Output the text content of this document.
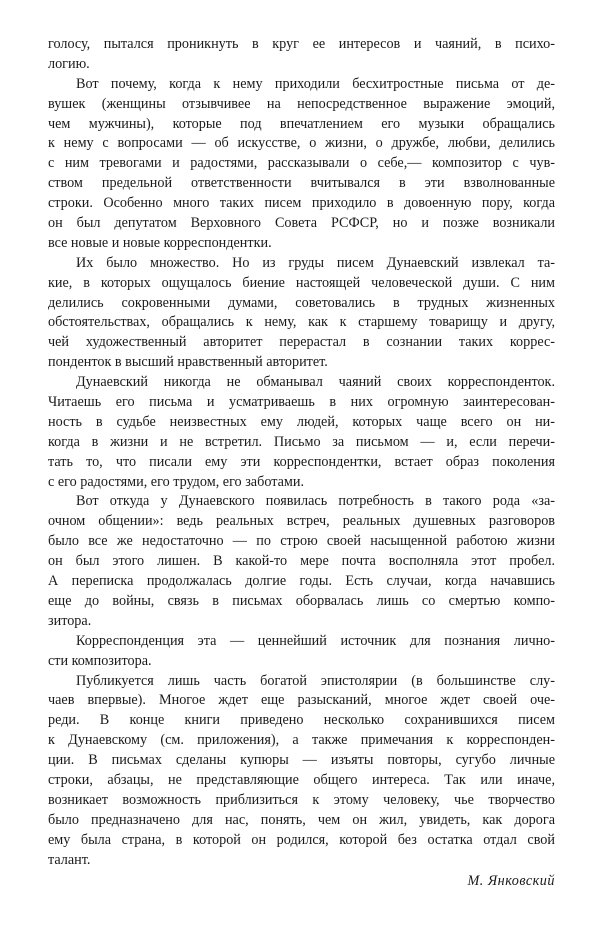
голосу, пытался проникнуть в круг ее интересов и чаяний, в психо-
логию.
Вот почему, когда к нему приходили бесхитростные письма от де-
вушек (женщины отзывчивее на непосредственное выражение эмоций,
чем мужчины), которые под впечатлением его музыки обращались
к нему с вопросами — об искусстве, о жизни, о дружбе, любви, делились
с ним тревогами и радостями, рассказывали о себе,— композитор с чув-
ством предельной ответственности вчитывался в эти взволнованные
строки. Особенно много таких писем приходило в довоенную пору, когда
он был депутатом Верховного Совета РСФСР, но и позже возникали
все новые и новые корреспондентки.
Их было множество. Но из груды писем Дунаевский извлекал та-
кие, в которых ощущалось биение настоящей человеческой души. С ним
делились сокровенными думами, советовались в трудных жизненных
обстоятельствах, обращались к нему, как к старшему товарищу и другу,
чей художественный авторитет перерастал в сознании таких коррес-
понденток в высший нравственный авторитет.
Дунаевский никогда не обманывал чаяний своих корреспонденток.
Читаешь его письма и усматриваешь в них огромную заинтересован-
ность в судьбе неизвестных ему людей, которых чаще всего он ни-
когда в жизни и не встретил. Письмо за письмом — и, если перечи-
тать то, что писали ему эти корреспондентки, встает образ поколения
с его радостями, его трудом, его заботами.
Вот откуда у Дунаевского появилась потребность в такого рода «за-
очном общении»: ведь реальных встреч, реальных душевных разговоров
было все же недостаточно — по строю своей насыщенной работою жизни
он был этого лишен. В какой-то мере почта восполняла этот пробел.
А переписка продолжалась долгие годы. Есть случаи, когда начавшись
еще до войны, связь в письмах оборвалась лишь со смертью компо-
зитора.
Корреспонденция эта — ценнейший источник для познания лично-
сти композитора.
Публикуется лишь часть богатой эпистолярии (в большинстве слу-
чаев впервые). Многое ждет еще разысканий, многое ждет своей оче-
реди. В конце книги приведено несколько сохранившихся писем
к Дунаевскому (см. приложения), а также примечания к корреспонден-
ции. В письмах сделаны купюры — изъяты повторы, сугубо личные
строки, абзацы, не представляющие общего интереса. Так или иначе,
возникает возможность приблизиться к этому человеку, чье творчество
было предназначено для нас, понять, чем он жил, увидеть, как дорога
ему была страна, в которой он родился, которой без остатка отдал свой
талант.
М. Янковский
